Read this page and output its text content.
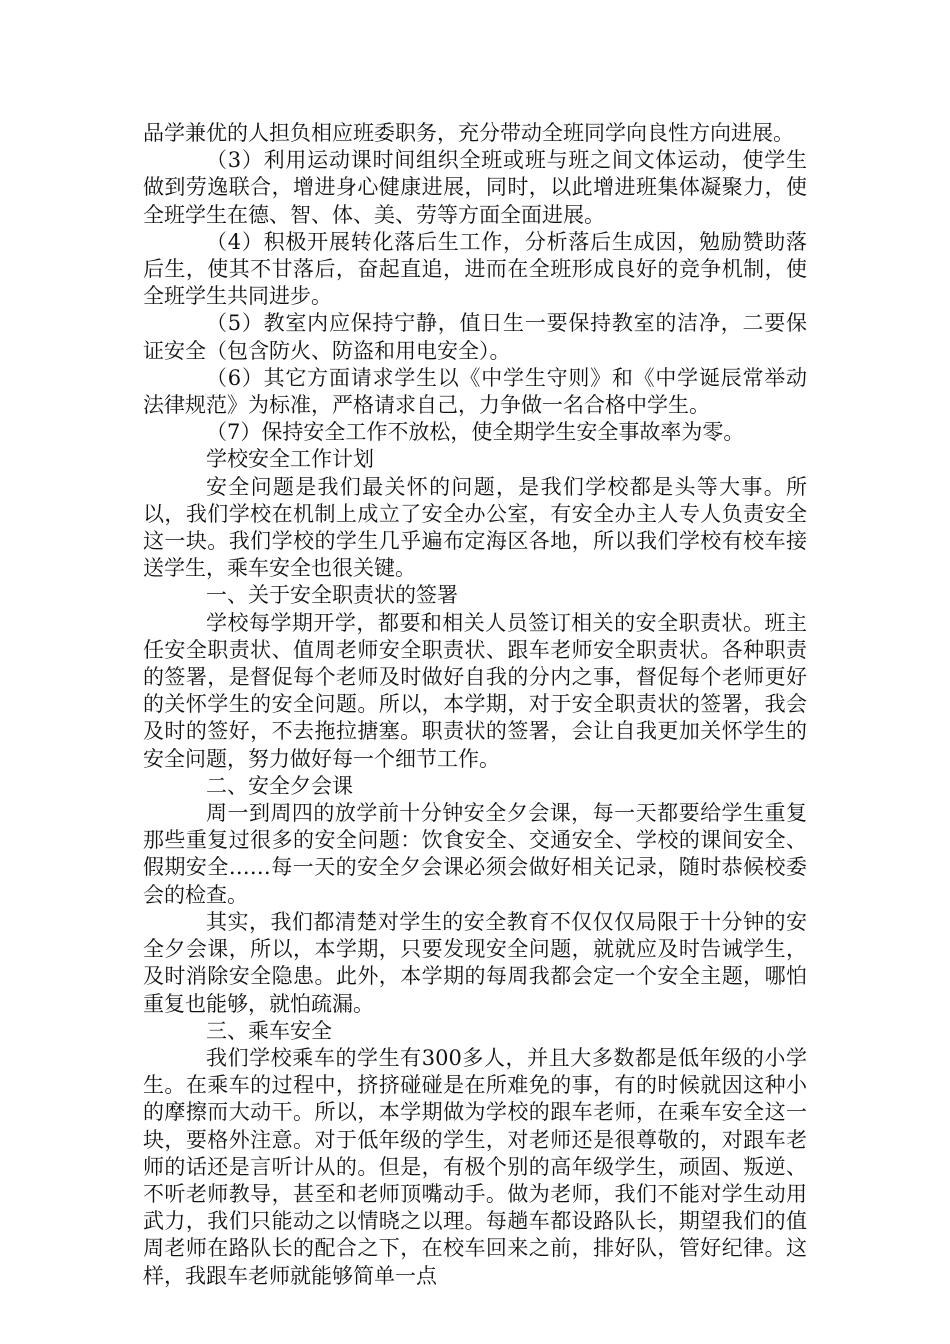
品学兼优的人担负相应班委职务，充分带动全班同学向良性方向进展。

（3）利用运动课时间组织全班或班与班之间文体运动，使学生做到劳逸联合，增进身心健康进展，同时，以此增进班集体凝聚力，使全班学生在德、智、体、美、劳等方面全面进展。

（4）积极开展转化落后生工作，分析落后生成因，勉励赞助落后生，使其不甘落后，奋起直追，进而在全班形成良好的竞争机制，使全班学生共同进步。

（5）教室内应保持宁静，值日生一要保持教室的洁净，二要保证安全（包含防火、防盗和用电安全）。

（6）其它方面请求学生以《中学生守则》和《中学诞辰常举动法律规范》为标准，严格请求自己，力争做一名合格中学生。

（7）保持安全工作不放松，使全期学生安全事故率为零。

学校安全工作计划

安全问题是我们最关怀的问题，是我们学校都是头等大事。所以，我们学校在机制上成立了安全办公室，有安全办主人专人负责安全这一块。我们学校的学生几乎遍布定海区各地，所以我们学校有校车接送学生，乘车安全也很关键。

一、关于安全职责状的签署

学校每学期开学，都要和相关人员签订相关的安全职责状。班主任安全职责状、值周老师安全职责状、跟车老师安全职责状。各种职责的签署，是督促每个老师及时做好自我的分内之事，督促每个老师更好的关怀学生的安全问题。所以，本学期，对于安全职责状的签署，我会及时的签好，不去拖拉搪塞。职责状的签署，会让自我更加关怀学生的安全问题，努力做好每一个细节工作。

二、安全夕会课

周一到周四的放学前十分钟安全夕会课，每一天都要给学生重复那些重复过很多的安全问题：饮食安全、交通安全、学校的课间安全、假期安全……每一天的安全夕会课必须会做好相关记录，随时恭候校委会的检查。

其实，我们都清楚对学生的安全教育不仅仅仅局限于十分钟的安全夕会课，所以，本学期，只要发现安全问题，就就应及时告诫学生，及时消除安全隐患。此外，本学期的每周我都会定一个安全主题，哪怕重复也能够，就怕疏漏。

三、乘车安全

我们学校乘车的学生有300多人，并且大多数都是低年级的小学生。在乘车的过程中，挤挤碰碰是在所难免的事，有的时候就因这种小的摩擦而大动干。所以，本学期做为学校的跟车老师，在乘车安全这一块，要格外注意。对于低年级的学生，对老师还是很尊敬的，对跟车老师的话还是言听计从的。但是，有极个别的高年级学生，顽固、叛逆、不听老师教导，甚至和老师顶嘴动手。做为老师，我们不能对学生动用武力，我们只能动之以情晓之以理。每趟车都设路队长，期望我们的值周老师在路队长的配合之下，在校车回来之前，排好队，管好纪律。这样，我跟车老师就能够简单一点
